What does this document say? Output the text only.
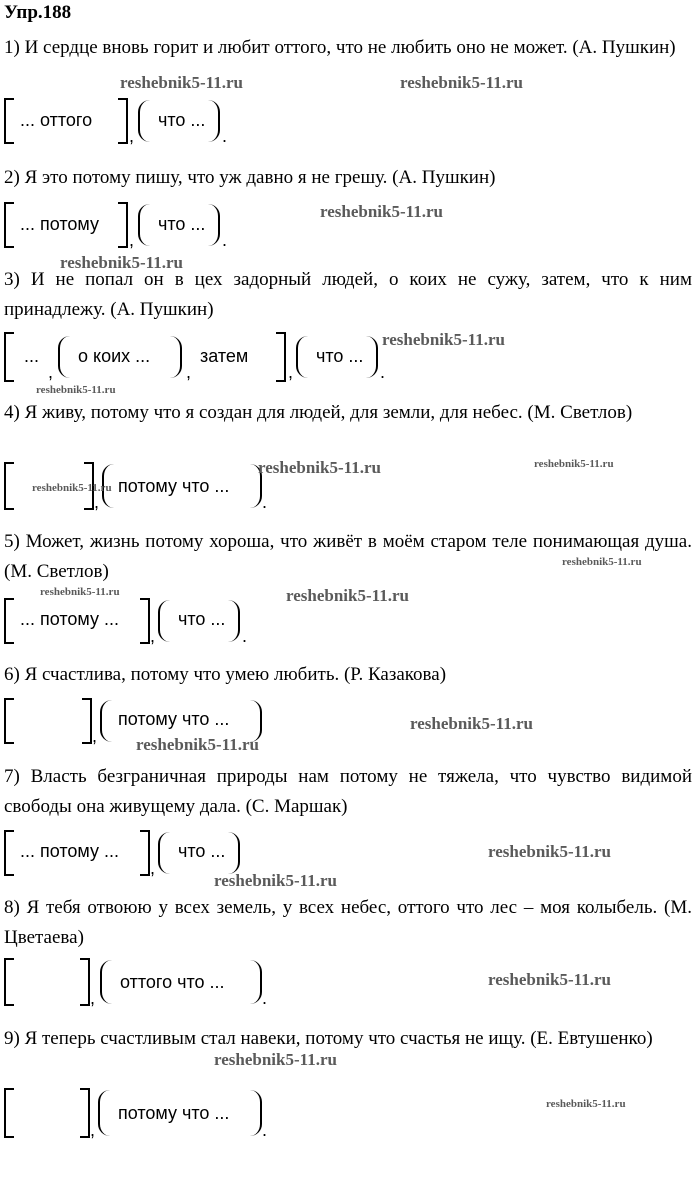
Упр.188
1) И сердце вновь горит и любит оттого, что не любить оно не может. (А. Пушкин)
... оттого
,
что ...
.
2) Я это потому пишу, что уж давно я не грешу. (А. Пушкин)
... потому
,
что ...
.
3) И не попал он в цех задорный людей, о коих не сужу, затем, что к ним принадлежу. (А. Пушкин)
...
,
о коих ...
,
затем
,
что ...
.
4) Я живу, потому что я создан для людей, для земли, для небес. (М. Светлов)
,
потому что ...
.
5) Может, жизнь потому хороша, что живёт в моём старом теле понимающая душа. (М. Светлов)
... потому ...
,
что ...
.
6) Я счастлива, потому что умею любить. (Р. Казакова)
,
потому что ...
7) Власть безграничная природы нам потому не тяжела, что чувство видимой свободы она живущему дала. (С. Маршак)
... потому ...
,
что ...
8) Я тебя отвоюю у всех земель, у всех небес, оттого что лес – моя колыбель. (М. Цветаева)
,
оттого что ...
.
9) Я теперь счастливым стал навеки, потому что счастья не ищу. (Е. Евтушенко)
,
потому что ...
.
reshebnik5-11.ru	reshebnik5-11.ru
reshebnik5-11.ru
reshebnik5-11.ru
reshebnik5-11.ru
reshebnik5-11.ru
reshebnik5-11.ru	reshebnik5-11.ru
reshebnik5-11.ru
reshebnik5-11.ru
reshebnik5-11.ru	reshebnik5-11.ru
reshebnik5-11.ru
reshebnik5-11.ru
reshebnik5-11.ru
reshebnik5-11.ru
reshebnik5-11.ru
reshebnik5-11.ru
reshebnik5-11.ru
